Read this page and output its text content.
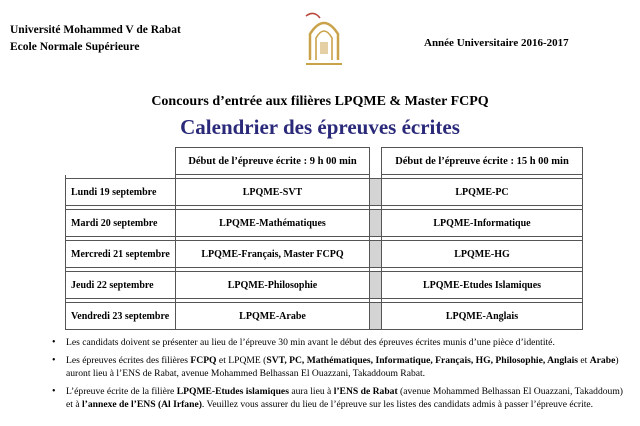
Université Mohammed V de Rabat
Ecole Normale Supérieure	Année Universitaire 2016-2017
Concours d’entrée aux filières LPQME & Master FCPQ
Calendrier des épreuves écrites
	Début de l’épreuve écrite : 9 h 00 min		Début de l’épreuve écrite : 15 h 00 min

Lundi 19 septembre	LPQME-SVT		LPQME-PC

Mardi 20 septembre	LPQME-Mathématiques		LPQME-Informatique

Mercredi 21 septembre	LPQME-Français, Master FCPQ		LPQME-HG

Jeudi 22 septembre	LPQME-Philosophie		LPQME-Etudes Islamiques

Vendredi 23 septembre	LPQME-Arabe		LPQME-Anglais
• Les candidats doivent se présenter au lieu de l’épreuve 30 min avant le début des épreuves écrites munis d’une pièce d’identité.
• Les épreuves écrites des filières FCPQ et LPQME (SVT, PC, Mathématiques, Informatique, Français, HG, Philosophie, Anglais et Arabe) auront lieu à l’ENS de Rabat, avenue Mohammed Belhassan El Ouazzani, Takaddoum Rabat.
• L’épreuve écrite de la filière LPQME-Etudes islamiques aura lieu à l’ENS de Rabat (avenue Mohammed Belhassan El Ouazzani, Takaddoum) et à l’annexe de l’ENS (Al Irfane). Veuillez vous assurer du lieu de l’épreuve sur les listes des candidats admis à passer l’épreuve écrite.
